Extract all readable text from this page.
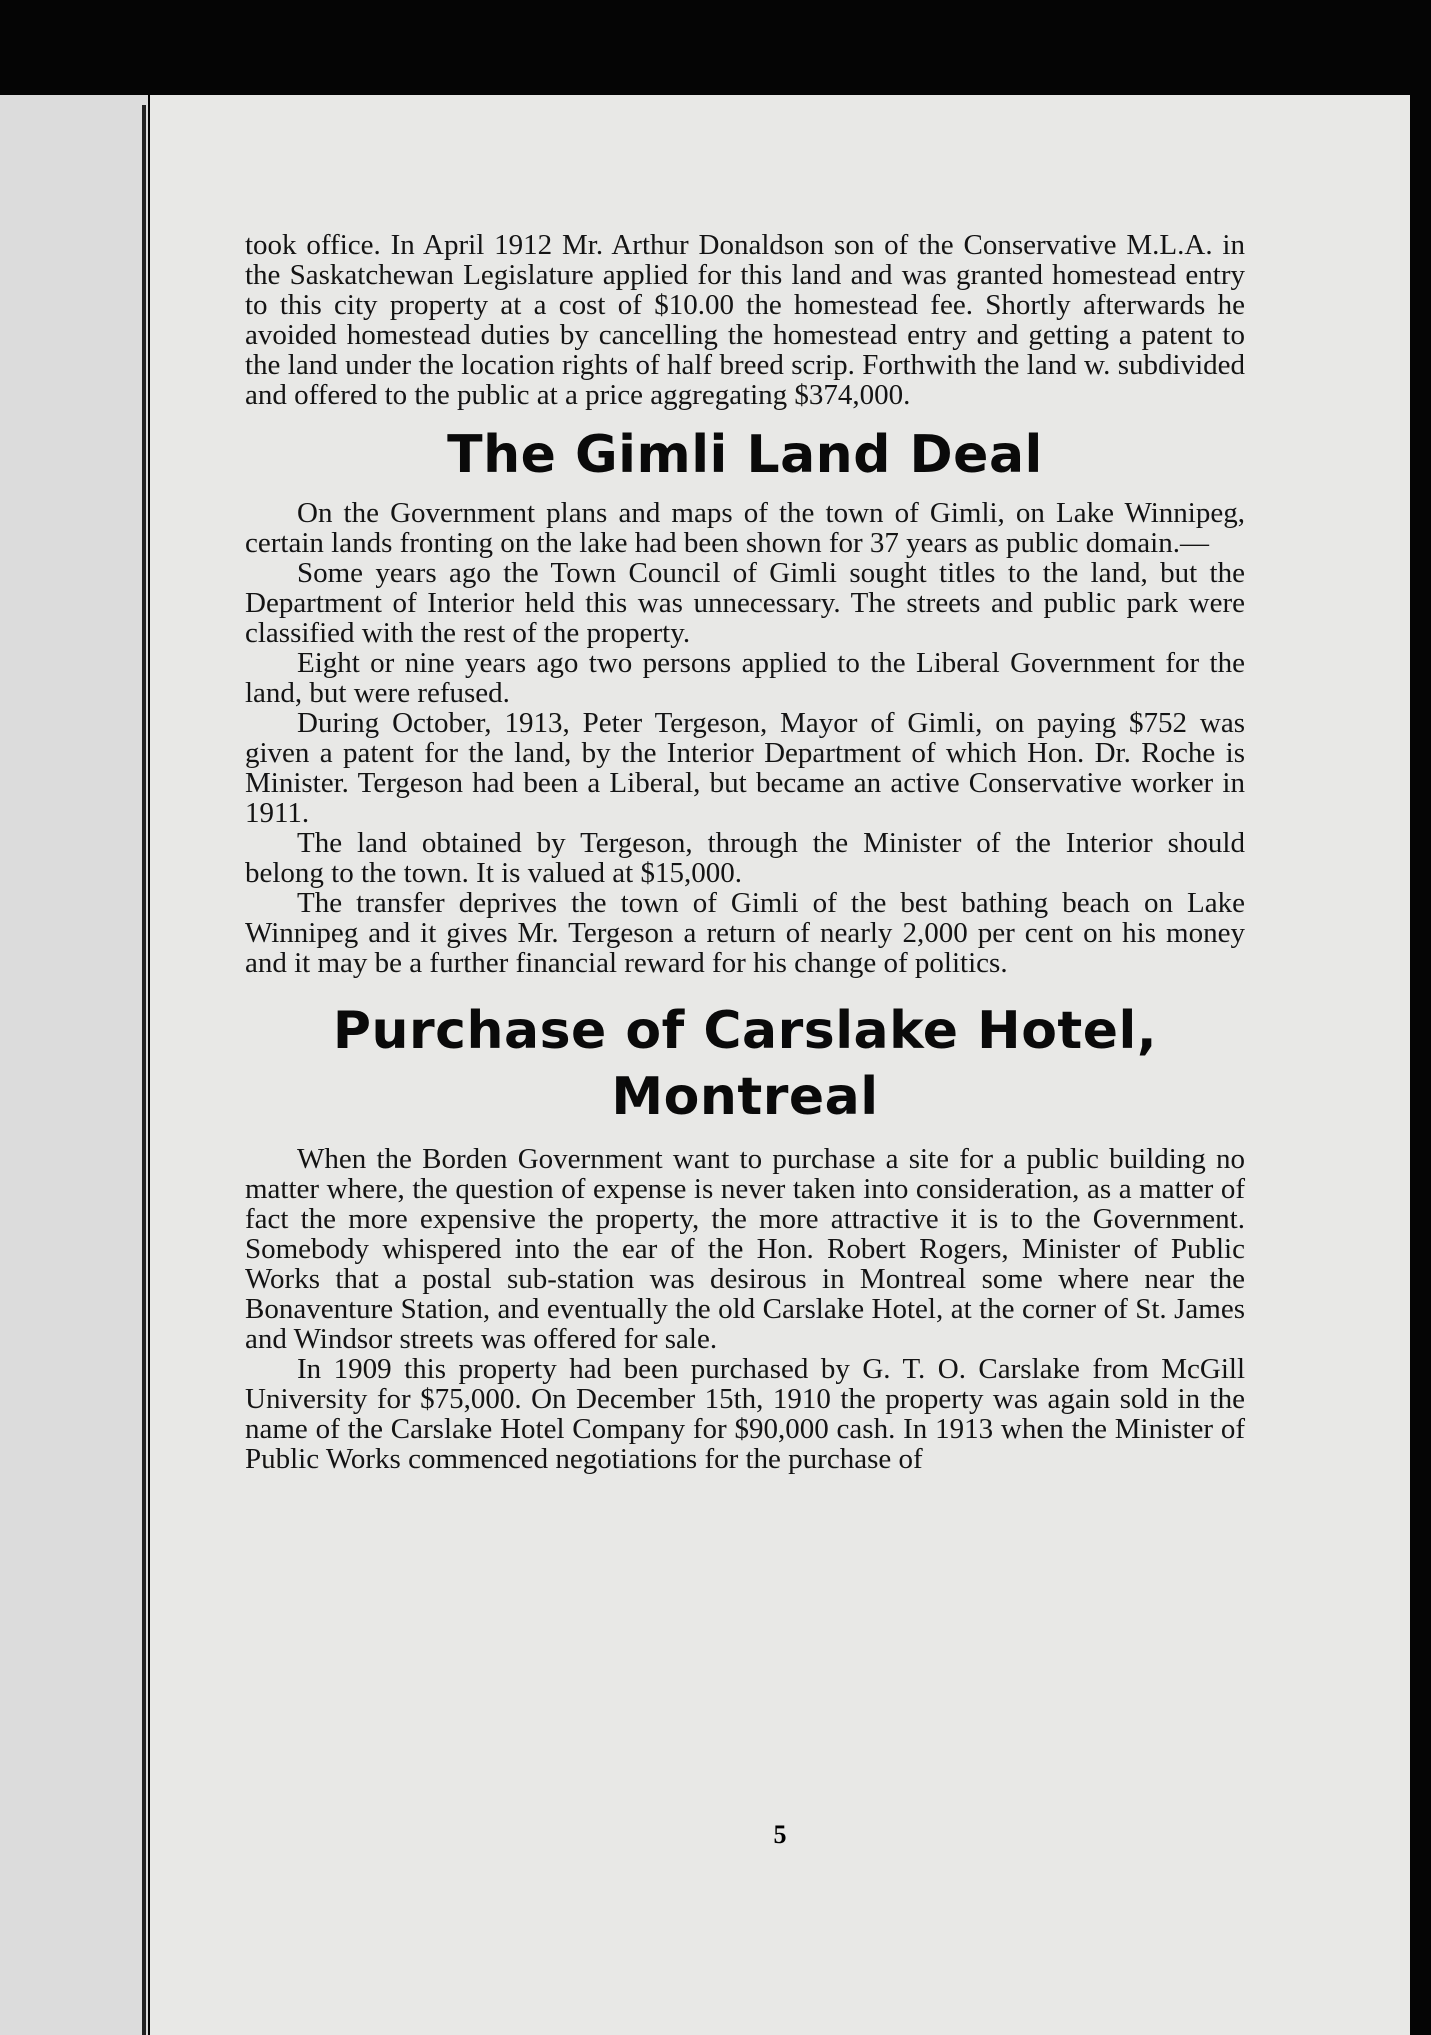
took office. In April 1912 Mr. Arthur Donaldson son of the Conservative M.L.A. in the Saskatchewan Legislature applied for this land and was granted homestead entry to this city property at a cost of $10.00 the homestead fee. Shortly afterwards he avoided homestead duties by cancelling the homestead entry and getting a patent to the land under the location rights of half breed scrip. Forthwith the land w. subdivided and offered to the public at a price aggregating $374,000.

The Gimli Land Deal

On the Government plans and maps of the town of Gimli, on Lake Winnipeg, certain lands fronting on the lake had been shown for 37 years as public domain.—

Some years ago the Town Council of Gimli sought titles to the land, but the Department of Interior held this was unnecessary. The streets and public park were classified with the rest of the property.

Eight or nine years ago two persons applied to the Liberal Government for the land, but were refused.

During October, 1913, Peter Tergeson, Mayor of Gimli, on paying $752 was given a patent for the land, by the Interior Department of which Hon. Dr. Roche is Minister. Tergeson had been a Liberal, but became an active Conservative worker in 1911.

The land obtained by Tergeson, through the Minister of the Interior should belong to the town. It is valued at $15,000.

The transfer deprives the town of Gimli of the best bathing beach on Lake Winnipeg and it gives Mr. Tergeson a return of nearly 2,000 per cent on his money and it may be a further financial reward for his change of politics.

Purchase of Carslake Hotel,
Montreal

When the Borden Government want to purchase a site for a public building no matter where, the question of expense is never taken into consideration, as a matter of fact the more expensive the property, the more attractive it is to the Government. Somebody whispered into the ear of the Hon. Robert Rogers, Minister of Public Works that a postal sub-station was desirous in Montreal some where near the Bonaventure Station, and eventually the old Carslake Hotel, at the corner of St. James and Windsor streets was offered for sale.

In 1909 this property had been purchased by G. T. O. Carslake from McGill University for $75,000. On December 15th, 1910 the property was again sold in the name of the Carslake Hotel Company for $90,000 cash. In 1913 when the Minister of Public Works commenced negotiations for the purchase of

5
